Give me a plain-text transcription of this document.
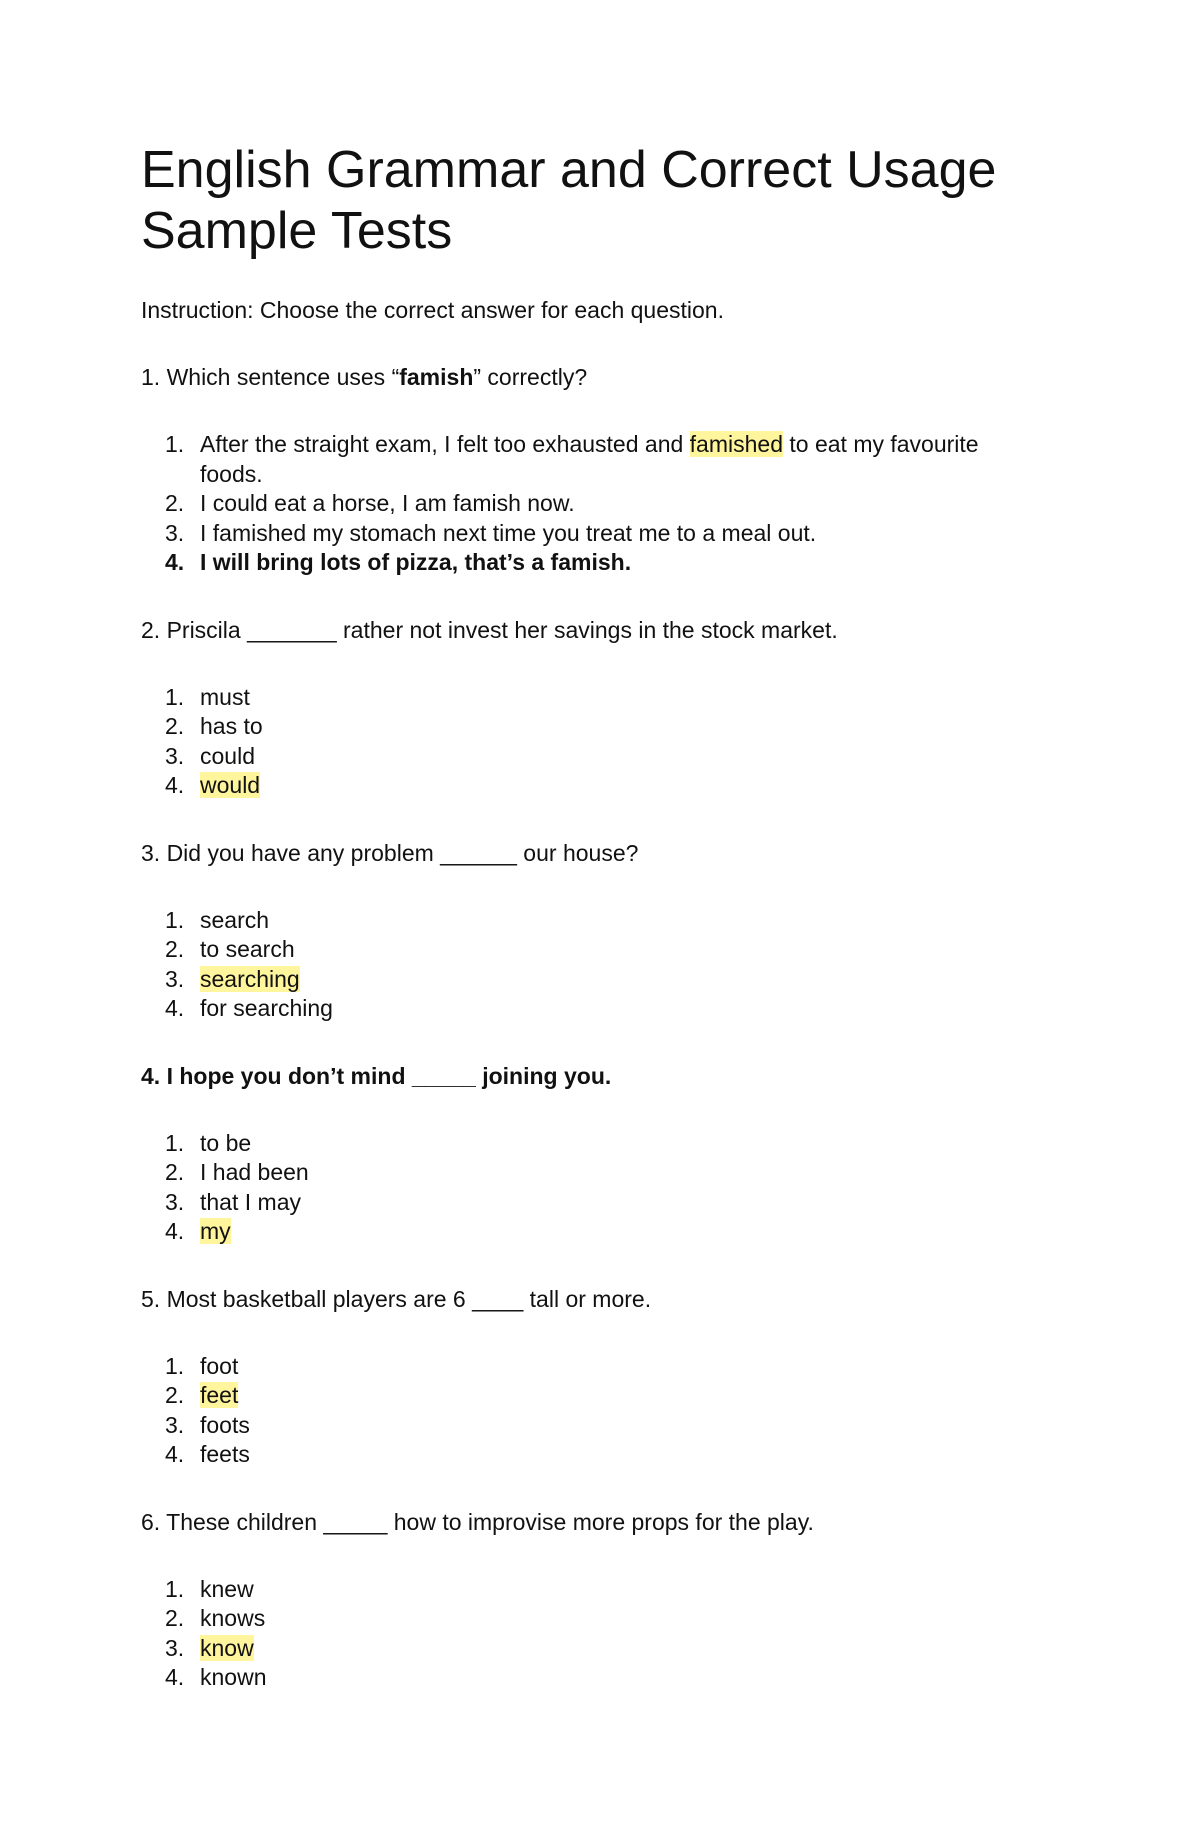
English Grammar and Correct Usage
Sample Tests

Instruction: Choose the correct answer for each question.

1. Which sentence uses “famish” correctly?

1. After the straight exam, I felt too exhausted and famished to eat my favourite foods.
2. I could eat a horse, I am famish now.
3. I famished my stomach next time you treat me to a meal out.
4. I will bring lots of pizza, that’s a famish.

2. Priscila _______ rather not invest her savings in the stock market.

1. must
2. has to
3. could
4. would

3. Did you have any problem ______ our house?

1. search
2. to search
3. searching
4. for searching

4. I hope you don’t mind _____ joining you.

1. to be
2. I had been
3. that I may
4. my

5. Most basketball players are 6 ____ tall or more.

1. foot
2. feet
3. foots
4. feets

6. These children _____ how to improvise more props for the play.

1. knew
2. knows
3. know
4. known
